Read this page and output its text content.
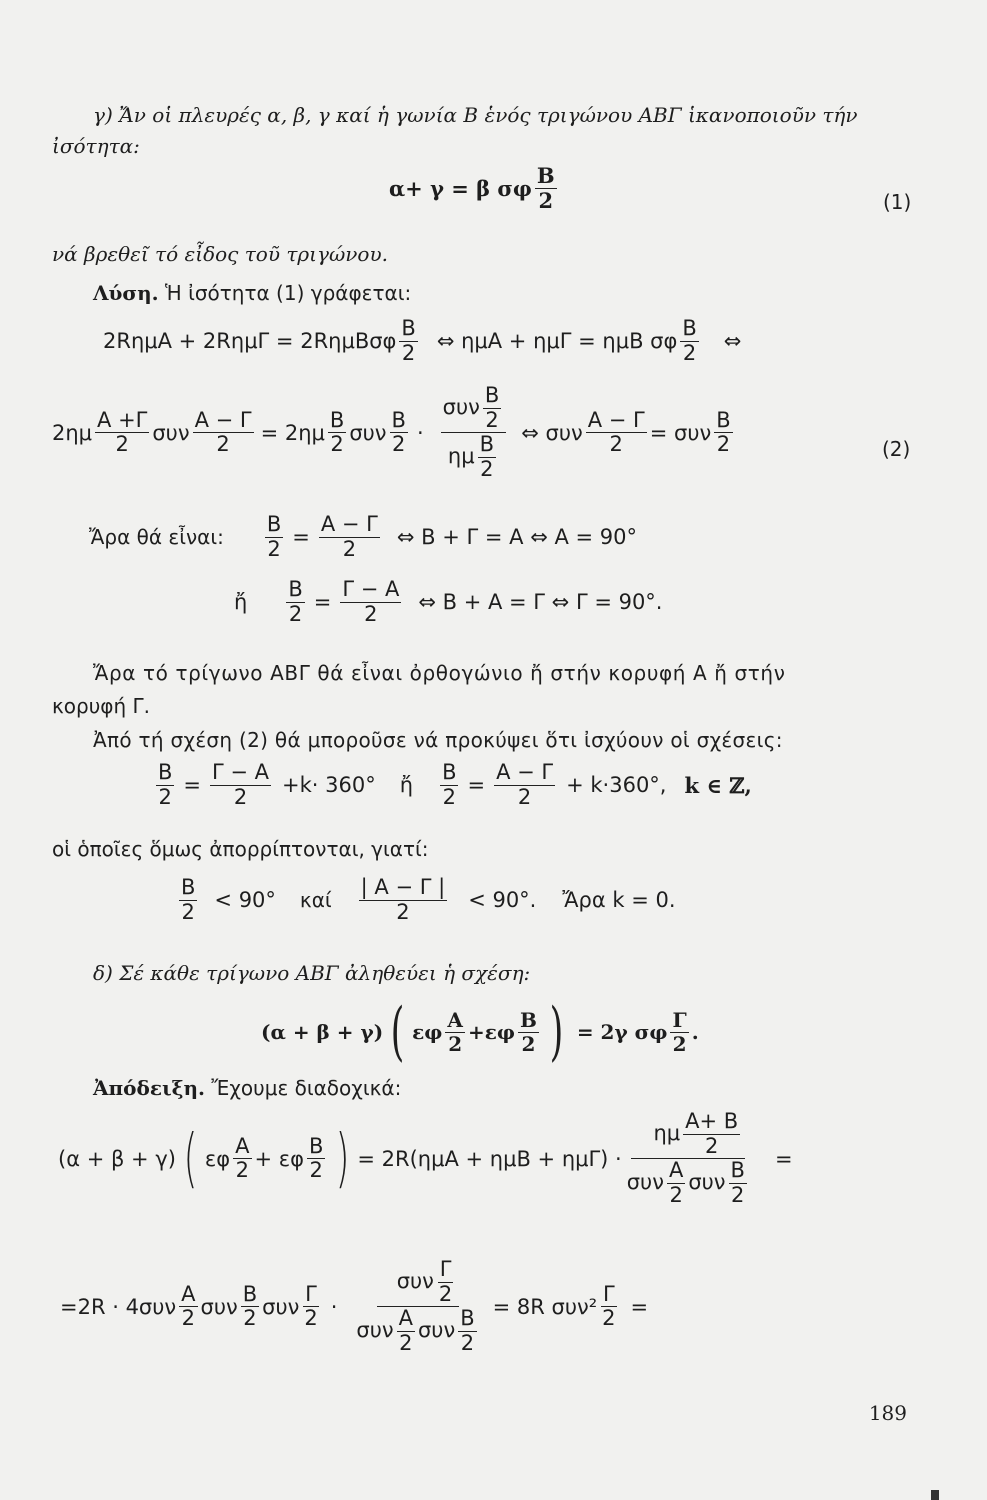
γ) Ἄν οἱ πλευρές α, β, γ καί ἡ γωνία Β ἑνός τριγώνου ΑΒΓ ἱκανοποιοῦν τήν
ἰσότητα:
α+ γ = β σφ $\frac{B}{2}$	(1)
νά βρεθεῖ τό εἶδος τοῦ τριγώνου.
Λύση. Ἡ ἰσότητα (1) γράφεται:
$2R\eta\mu A + 2R\eta\mu\Gamma = 2R\eta\mu B\sigma\varphi \frac{B}{2}$ ⇔ ημΑ + ημΓ = ημΒ σφ $\frac{B}{2}$ ⇔
$2\eta\mu \frac{A +\Gamma}{2}$ συν $\frac{A - \Gamma}{2} = 2\eta\mu \frac{B}{2}$ συν $\frac{B}{2}$ ·
συν $\frac{B}{2}$
ημ $\frac{B}{2}$
⇔ συν $\frac{A - \Gamma}{2} = \sigma\upsilon\nu \frac{B}{2}$	(2)
Ἄρα θά εἶναι: $\frac{B}{2} = \frac{A - \Gamma}{2}$ ⇔ Β + Γ = Α ⇔ Α = 90°
ἤ $\frac{B}{2} = \frac{\Gamma - A}{2}$ ⇔ Β + Α = Γ ⇔ Γ = 90°.
Ἄρα τό τρίγωνο ΑΒΓ θά εἶναι ὀρθογώνιο ἤ στήν κορυφή Α ἤ στήν
κορυφή Γ.
Ἀπό τή σχέση (2) θά μποροῦσε νά προκύψει ὅτι ἰσχύουν οἱ σχέσεις:
$\frac{B}{2} = \frac{\Gamma - A}{2} +k\cdot 360^\circ$ ἤ $\frac{B}{2} = \frac{A - \Gamma}{2} + k\cdot 360^\circ$, k ∈ ℤ,
οἱ ὁποῖες ὅμως ἀπορρίπτονται, γιατί:
$\frac{B}{2} < 90^\circ$ καί $\frac{| A - \Gamma |}{2} < 90^\circ$. Ἄρα k = 0.
δ) Σέ κάθε τρίγωνο ΑΒΓ ἀληθεύει ἡ σχέση:
(α + β + γ) ( εφ $\frac{A}{2} +\varepsilon\varphi \frac{B}{2}$ ) = 2γ σφ $\frac{\Gamma}{2}$ .
Ἀπόδειξη. Ἔχουμε διαδοχικά:
(α + β + γ) ( εφ $\frac{A}{2} + \varepsilon\varphi \frac{B}{2}$ ) = 2R(ημΑ + ημΒ + ημΓ) ·
ημ $\frac{A+ B}{2}$
συν $\frac{A}{2}$ συν $\frac{B}{2}$
=
$=2R \cdot 4\sigma\upsilon\nu \frac{A}{2}$ συν $\frac{B}{2}$ συν $\frac{\Gamma}{2}$ ·
συν $\frac{\Gamma}{2}$
συν $\frac{A}{2}$ συν $\frac{B}{2}$
= 8R $\sigma\upsilon\nu^2 \frac{\Gamma}{2}$ =
189
